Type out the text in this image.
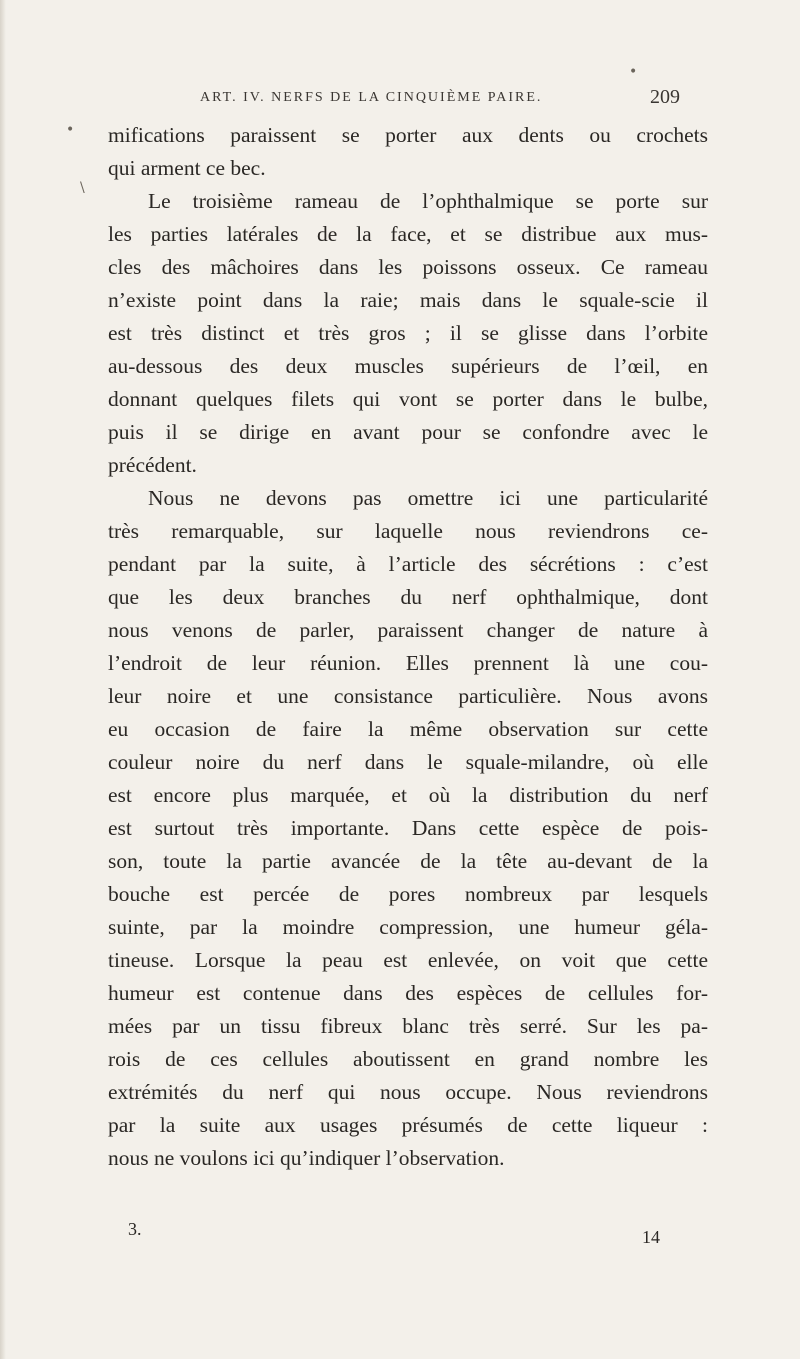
•
•
\
ART. IV. NERFS DE LA CINQUIÈME PAIRE.	209

mifications paraissent se porter aux dents ou crochets

qui arment ce bec.

Le troisième rameau de l’ophthalmique se porte sur

les parties latérales de la face, et se distribue aux mus-

cles des mâchoires dans les poissons osseux. Ce rameau

n’existe point dans la raie; mais dans le squale-scie il

est très distinct et très gros ; il se glisse dans l’orbite

au-dessous des deux muscles supérieurs de l’œil, en

donnant quelques filets qui vont se porter dans le bulbe,

puis il se dirige en avant pour se confondre avec le

précédent.

Nous ne devons pas omettre ici une particularité

très remarquable, sur laquelle nous reviendrons ce-

pendant par la suite, à l’article des sécrétions : c’est

que les deux branches du nerf ophthalmique, dont

nous venons de parler, paraissent changer de nature à

l’endroit de leur réunion. Elles prennent là une cou-

leur noire et une consistance particulière. Nous avons

eu occasion de faire la même observation sur cette

couleur noire du nerf dans le squale-milandre, où elle

est encore plus marquée, et où la distribution du nerf

est surtout très importante. Dans cette espèce de pois-

son, toute la partie avancée de la tête au-devant de la

bouche est percée de pores nombreux par lesquels

suinte, par la moindre compression, une humeur géla-

tineuse. Lorsque la peau est enlevée, on voit que cette

humeur est contenue dans des espèces de cellules for-

mées par un tissu fibreux blanc très serré. Sur les pa-

rois de ces cellules aboutissent en grand nombre les

extrémités du nerf qui nous occupe. Nous reviendrons

par la suite aux usages présumés de cette liqueur :

nous ne voulons ici qu’indiquer l’observation.

3.	14
